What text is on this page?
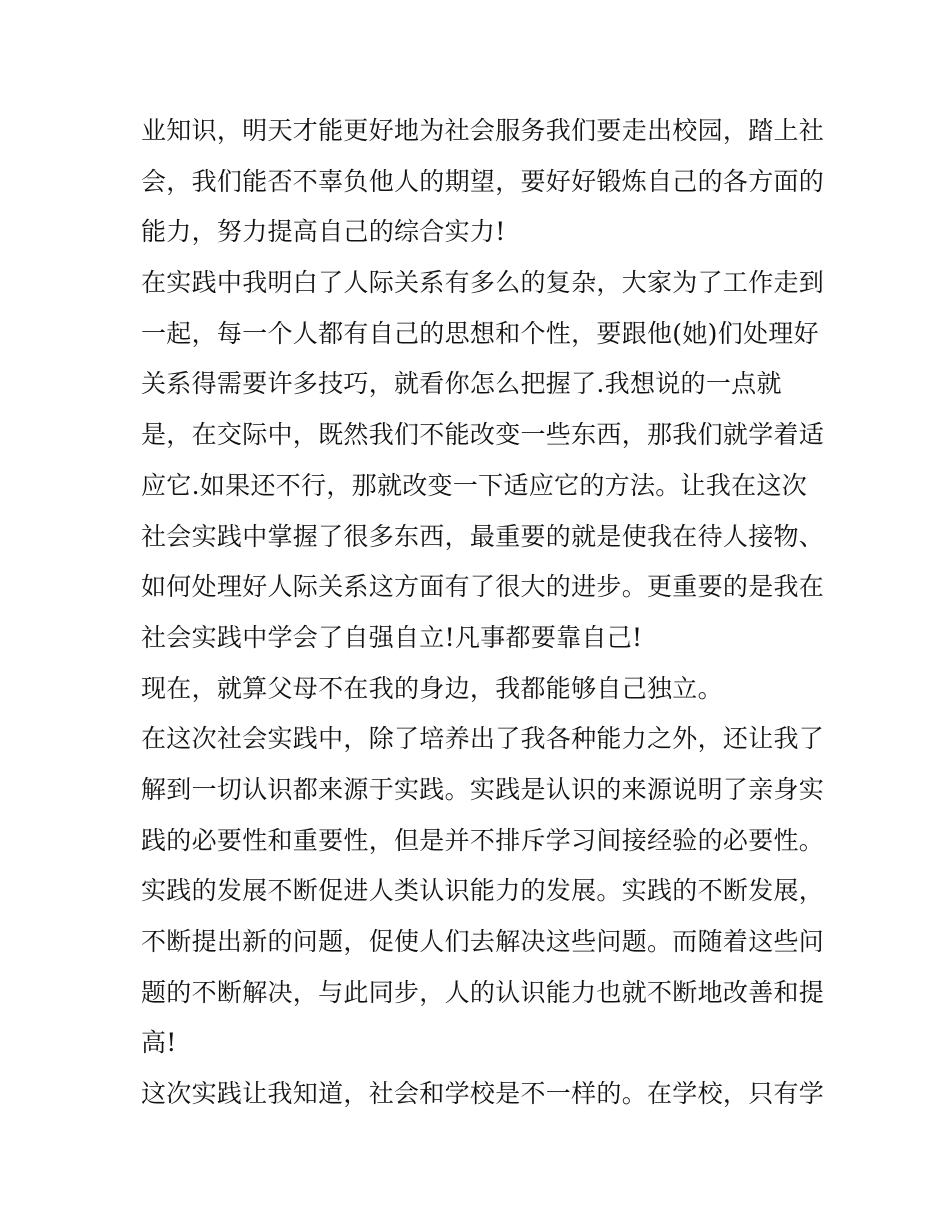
业知识，明天才能更好地为社会服务我们要走出校园，踏上社
会，我们能否不辜负他人的期望，要好好锻炼自己的各方面的
能力，努力提高自己的综合实力!
在实践中我明白了人际关系有多么的复杂，大家为了工作走到
一起，每一个人都有自己的思想和个性，要跟他(她)们处理好
关系得需要许多技巧，就看你怎么把握了.我想说的一点就
是，在交际中，既然我们不能改变一些东西，那我们就学着适
应它.如果还不行，那就改变一下适应它的方法。让我在这次
社会实践中掌握了很多东西，最重要的就是使我在待人接物、
如何处理好人际关系这方面有了很大的进步。更重要的是我在
社会实践中学会了自强自立!凡事都要靠自己!
现在，就算父母不在我的身边，我都能够自己独立。
在这次社会实践中，除了培养出了我各种能力之外，还让我了
解到一切认识都来源于实践。实践是认识的来源说明了亲身实
践的必要性和重要性，但是并不排斥学习间接经验的必要性。
实践的发展不断促进人类认识能力的发展。实践的不断发展，
不断提出新的问题，促使人们去解决这些问题。而随着这些问
题的不断解决，与此同步，人的认识能力也就不断地改善和提
高!
这次实践让我知道，社会和学校是不一样的。在学校，只有学
